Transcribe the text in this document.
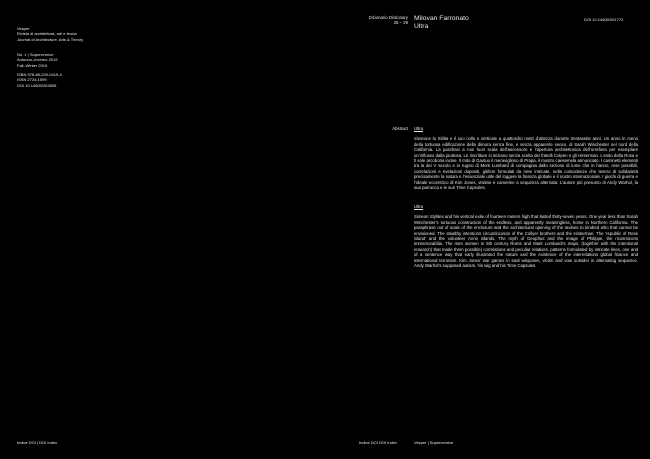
Vesper
Rivista di architettura, arti e teoria
Journal of Architecture, Arts & Theory
No. 1 | Supervernice
Autunno–Inverno 2019
Fall–Winter 2019
ISBN 978-88-229-0419-4
ISSN 2724-1599
DOI 10.14600/263695
Dizionario Dictionary
26 – 29
Milovan Farronato
Ultra
DOI 10.14600/261772
Abstract Ultra
Simeone lo Stilita e il suo collo e verticale a quattordici metri d’altezza durante trentasette anni. Un anno in meno della tortuosa edificazione della dimora senza fine, e senza apparente senso, di Sarah Winchester nel nord della California. La parafrasi a ruoi fuori scala dell’ascensore e l’apertura architettonica dell’orrefiera per esemplare un’influsso dalla piuttosa. Le riscritture si iniziano senza scelta dei fratelli Colpen e gli Hinterman. L’esito della Rosa e Il sole arcoboria incise. Il mito di Gaxtuo il meraviglioso di Prapa, il mostro caesemela annunciato. I caminetti elementi tra la dei V secolo e in rugosi di Morti Lumbard di compagnia dallo sezione di lume che in hanno, rese possibili, correlazioni e rivelazioni dopositi, gitifem formulati da riree intricate, nella coincidenze che tesero di solidarietà precisamente la natura e l’essenziale utile del loggere la finanza globale e il nostro internazionale. I giochi di guerra e l’ideale eccentrico di Kim Jones, visitine e camerine a sequenza alternata. L’autore più presunto di Andy Warhol, la sua parrucca e le sue Time Capsules.
Ultra
Simeon Stylites and his vertical exile of fourteen meters high that lasted thirty-seven years. One year less than Sarah Winchester’s tortuous construction of the endless, and apparently meaningless, home in Northern California. The paraphrase out of scale of the enclosure and the architectural opening of the ravines to kindred who that cannot be envisioned. The stealthy intentions circumlocution of the Collyer brothers and the Hinterman. The ‘republic of Rose island’ and the volunteer Anne islands. The myth of Geophus and the image of Philippe, the ricosmicons immemorabilia. The men women in 5th century Rome and Mark Lombardi’s maps, (together with the intentional research) that made them possible) correlations and peculiar relatives, patterns formulated by intricate lines, one and of a sentence way that early illustrated the nature and the existence of the interrelations global finance and international terrorism. Kim Jones’ war games in total wisposen, victim and vow outsider in alternating sequence. Andy Warhol’s supposed autism, his wig and his Time Capsules.
Indice DOI | DOI Index	Indice DOI DOI Index	Vesper | Supervernice
